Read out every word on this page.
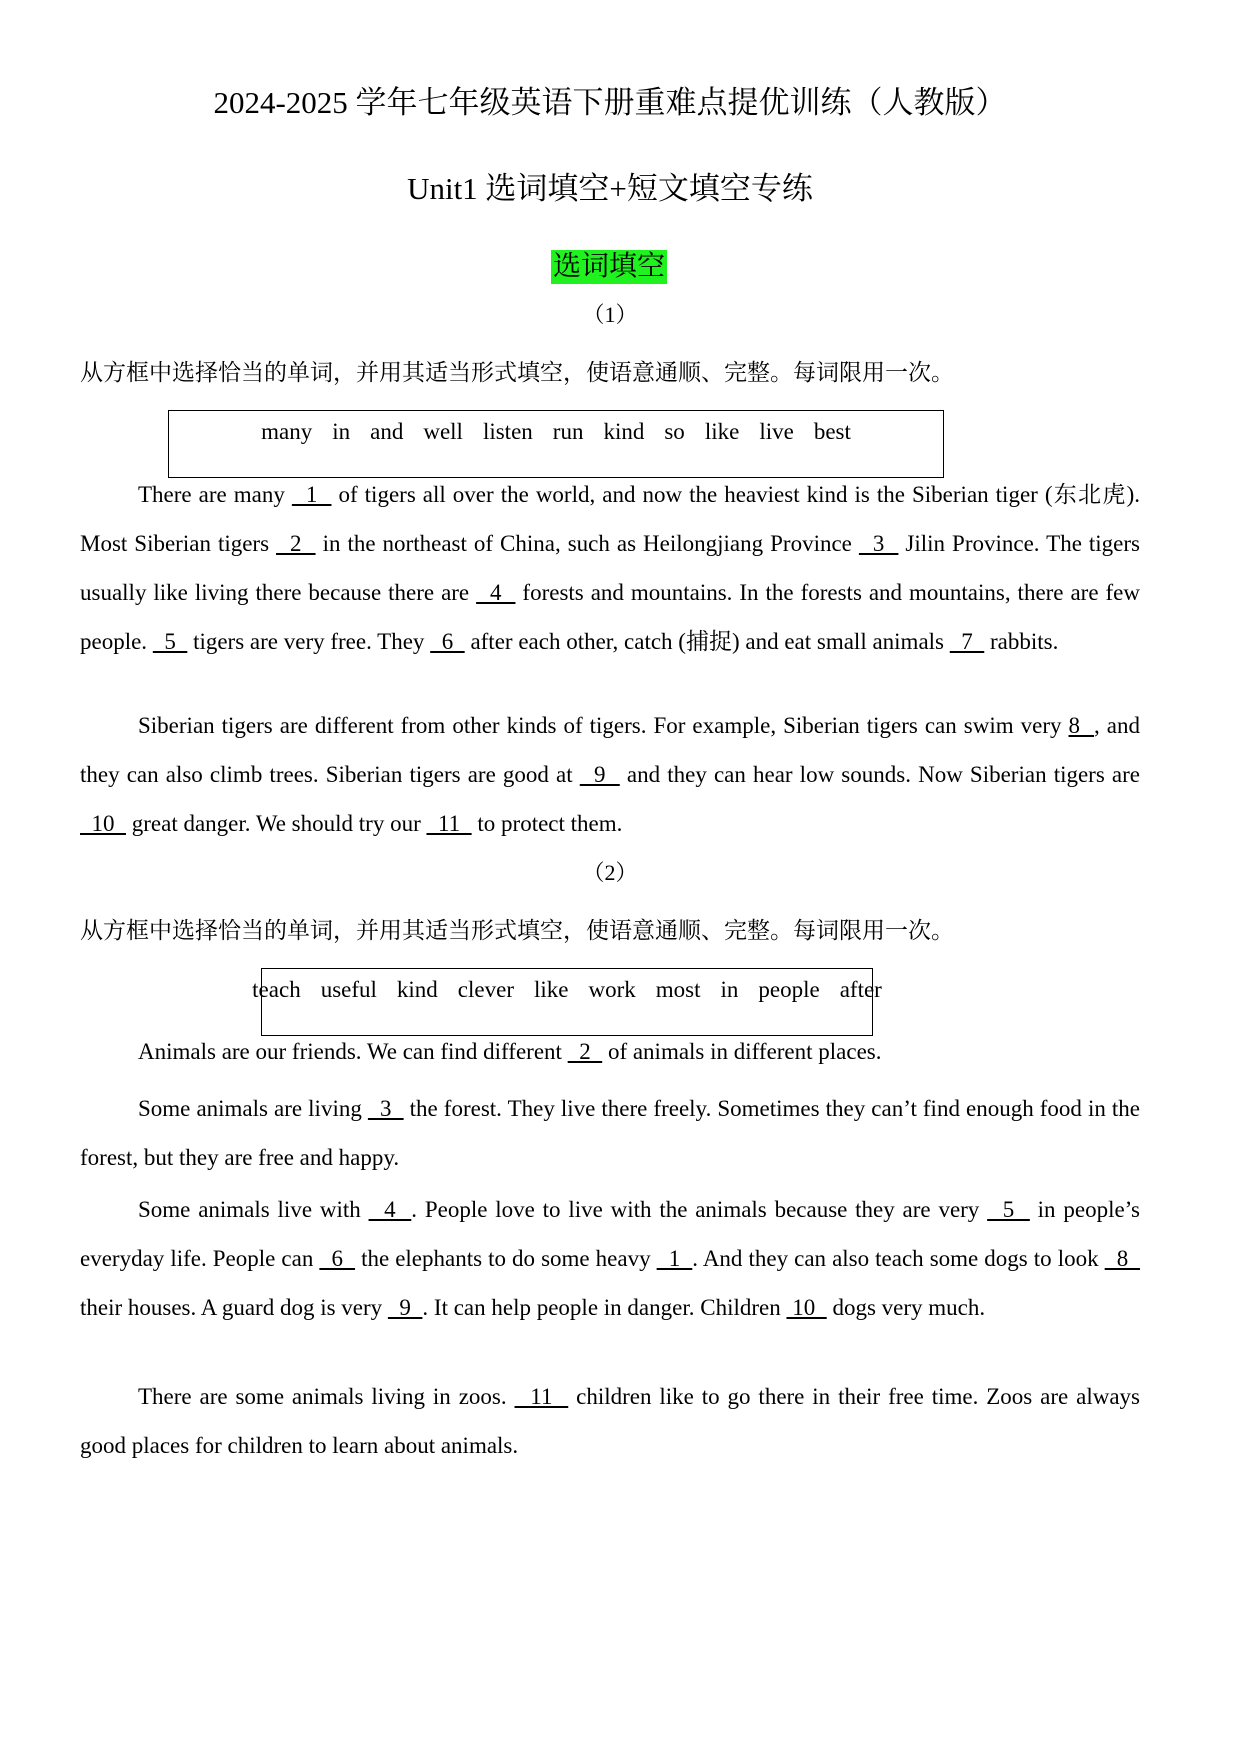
2024-2025 学年七年级英语下册重难点提优训练（人教版）
Unit1 选词填空+短文填空专练
选词填空
（1）
从方框中选择恰当的单词，并用其适当形式填空，使语意通顺、完整。每词限用一次。
many in and well listen run kind so like live best

There are many   1   of tigers all over the world, and now the heaviest kind is the Siberian tiger (东北虎). Most Siberian tigers   2   in the northeast of China, such as Heilongjiang Province   3   Jilin Province. The tigers usually like living there because there are   4   forests and mountains. In the forests and mountains, there are few people.   5   tigers are very free. They   6   after each other, catch (捕捉) and eat small animals   7   rabbits.

Siberian tigers are different from other kinds of tigers. For example, Siberian tigers can swim very 8  , and they can also climb trees. Siberian tigers are good at   9   and they can hear low sounds. Now Siberian tigers are   10   great danger. We should try our   11   to protect them.

（2）
从方框中选择恰当的单词，并用其适当形式填空，使语意通顺、完整。每词限用一次。
teach useful kind clever like work most in people after

Animals are our friends. We can find different   2   of animals in different places.

Some animals are living   3   the forest. They live there freely. Sometimes they can’t find enough food in the forest, but they are free and happy.

Some animals live with   4  . People love to live with the animals because they are very   5   in people’s everyday life. People can   6   the elephants to do some heavy   1  . And they can also teach some dogs to look   8   their houses. A guard dog is very   9  . It can help people in danger. Children  10   dogs very much.

There are some animals living in zoos.   11   children like to go there in their free time. Zoos are always good places for children to learn about animals.
